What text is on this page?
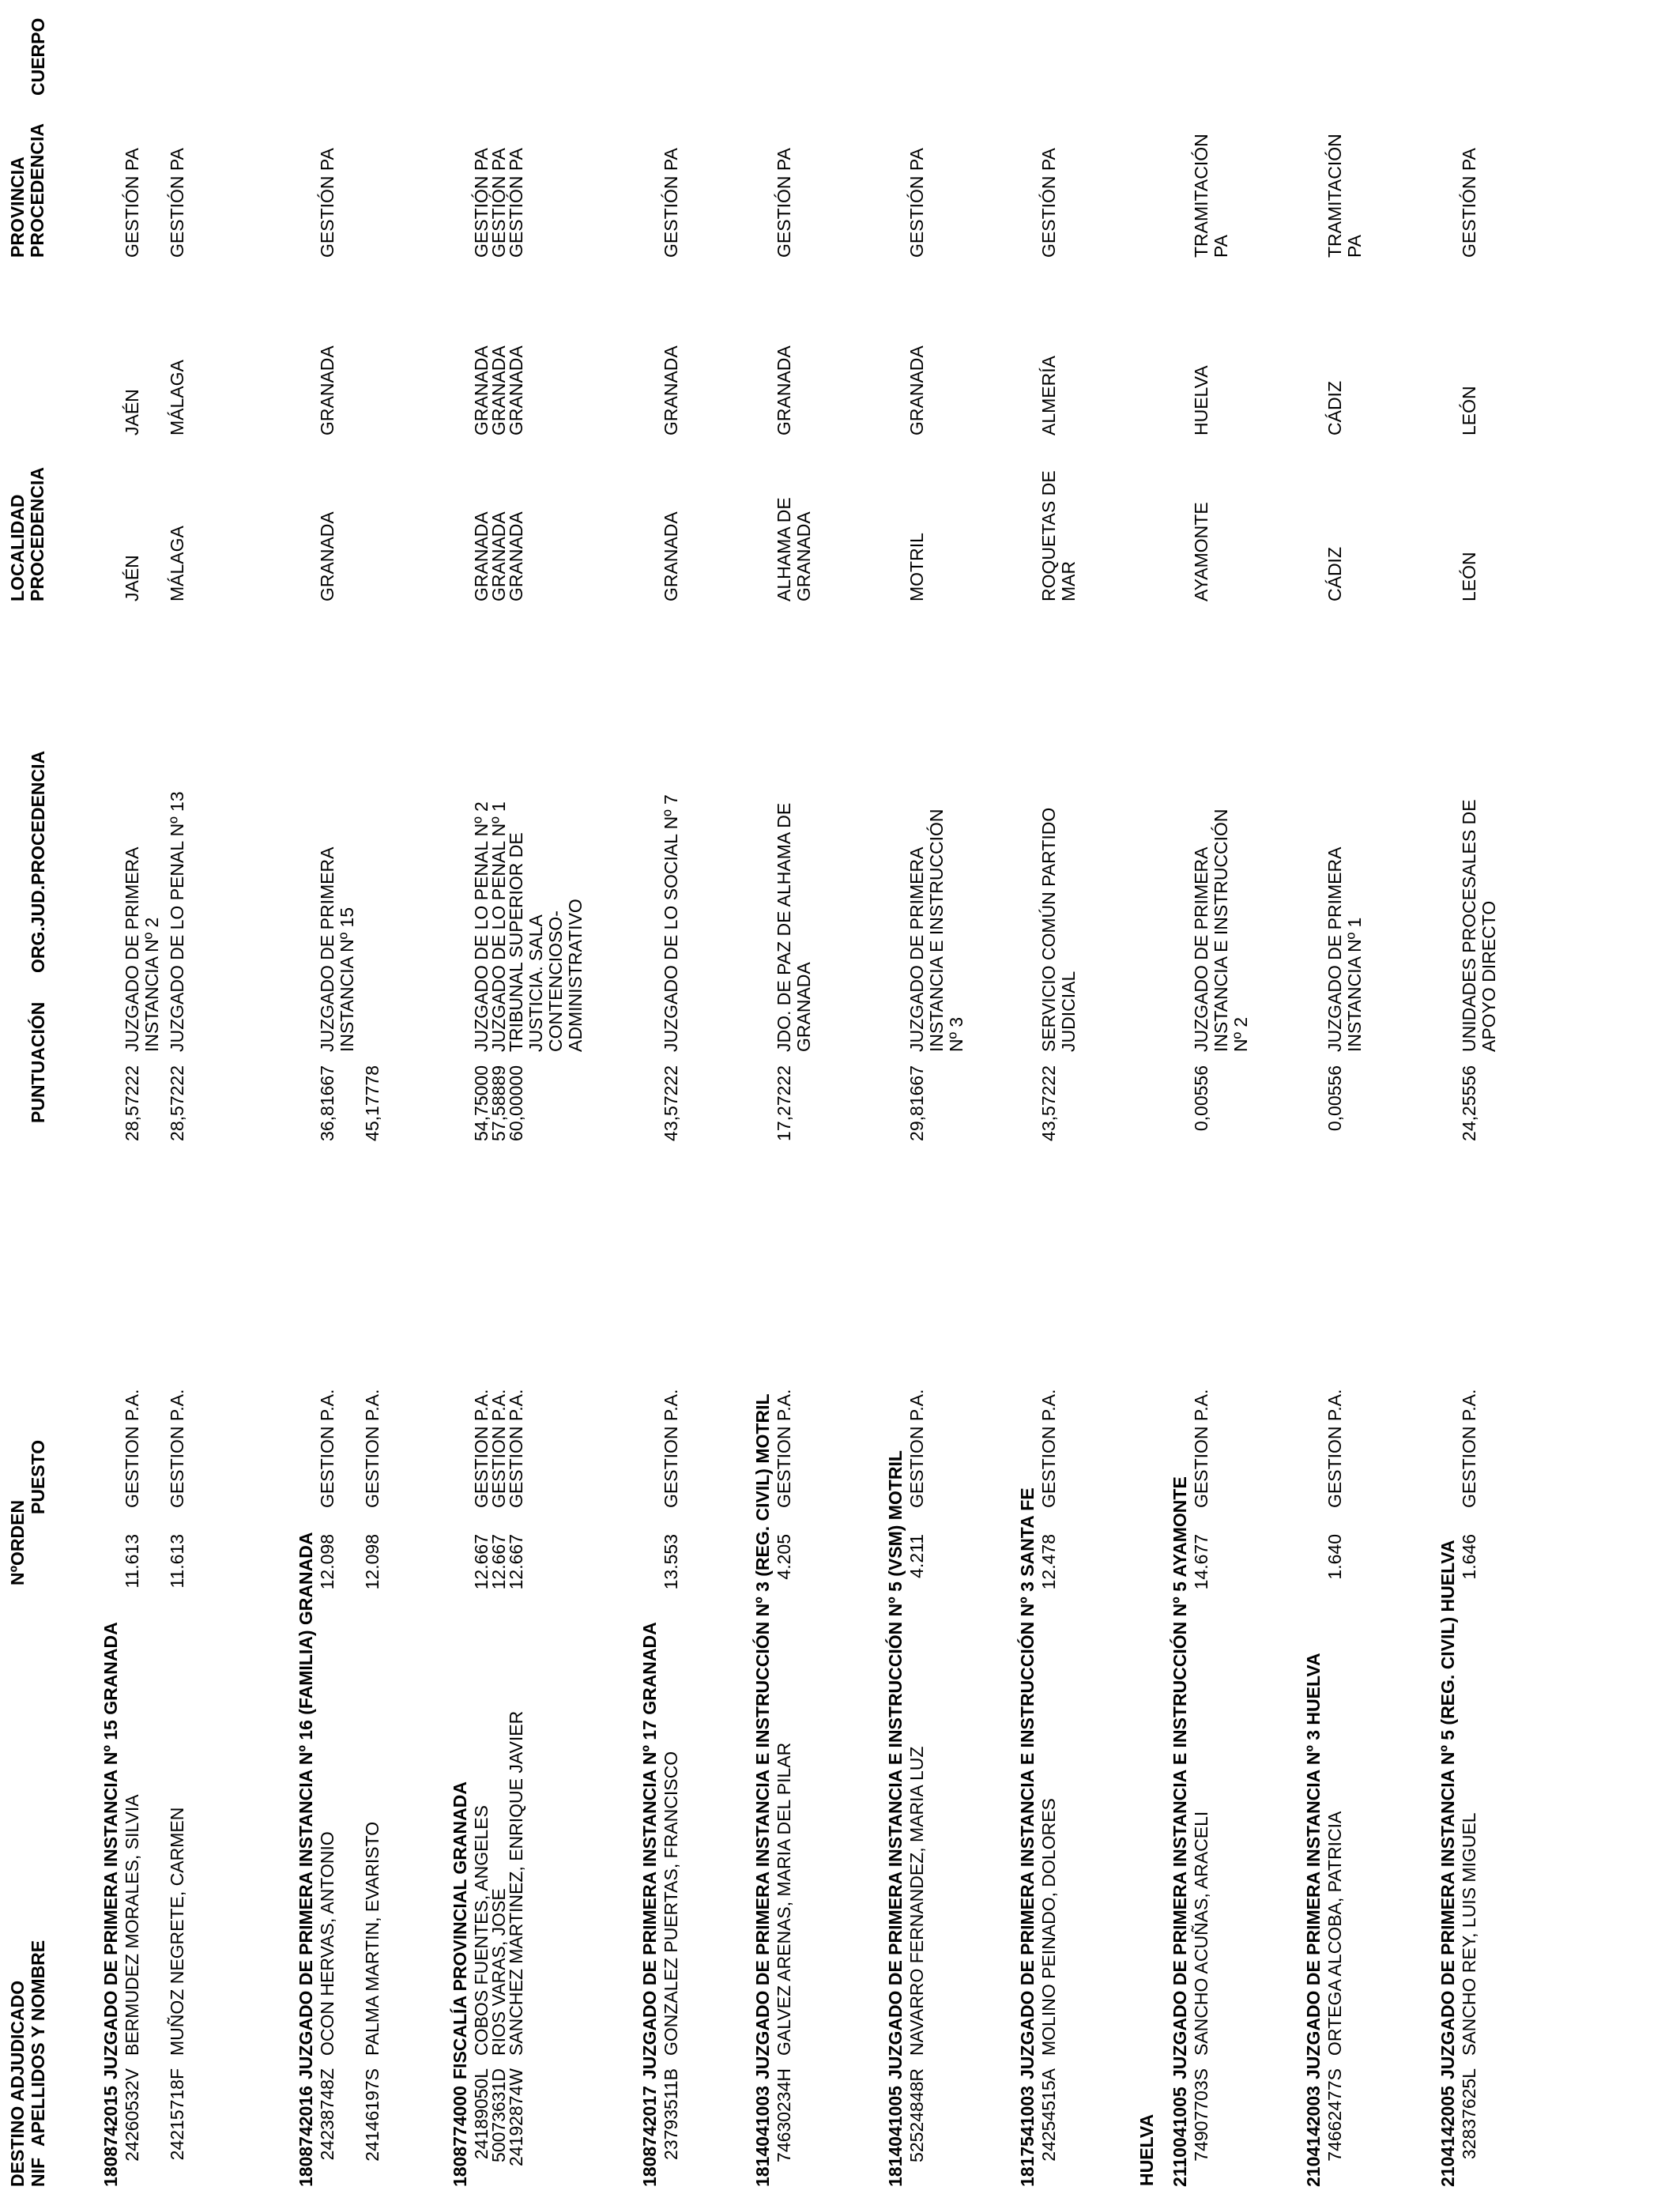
DESTINO ADJUDICADO NIF
NºORDEN
APELLIDOS Y NOMBRE
PUESTO
PUNTUACIÓN
ORG.JUD.PROCEDENCIA
LOCALIDAD PROCEDENCIA
PROVINCIA PROCEDENCIA
CUERPO
1808742015
JUZGADO DE PRIMERA INSTANCIA Nº 15 GRANADA
24260532V
BERMUDEZ MORALES, SILVIA
11.613
GESTION P.A.
28,57222
JUZGADO DE PRIMERA INSTANCIA Nº 2
JAÉN
JAÉN
GESTIÓN PA
24215718F
MUÑOZ NEGRETE, CARMEN
11.613
GESTION P.A.
28,57222
JUZGADO DE LO PENAL Nº 13
MÁLAGA
MÁLAGA
GESTIÓN PA
1808742016
JUZGADO DE PRIMERA INSTANCIA Nº 16 (FAMILIA) GRANADA
24238748Z
OCON HERVAS, ANTONIO
12.098
GESTION P.A.
36,81667
JUZGADO DE PRIMERA INSTANCIA Nº 15
GRANADA
GRANADA
GESTIÓN PA
24146197S
PALMA MARTIN, EVARISTO
12.098
GESTION P.A.
45,17778
1808774000
FISCALÍA PROVINCIAL GRANADA
24189050L
COBOS FUENTES, ANGELES
12.667
GESTION P.A.
54,75000
JUZGADO DE LO PENAL Nº 2
GRANADA
GRANADA
GESTIÓN PA
50073631D
RIOS VARAS, JOSE
12.667
GESTION P.A.
57,58889
JUZGADO DE LO PENAL Nº 1
GRANADA
GRANADA
GESTIÓN PA
24192874W
SANCHEZ MARTINEZ, ENRIQUE JAVIER
12.667
GESTION P.A.
60,00000
TRIBUNAL SUPERIOR DE JUSTICIA. SALA CONTENCIOSO-ADMINISTRATIVO
GRANADA
GRANADA
GESTIÓN PA
1808742017
JUZGADO DE PRIMERA INSTANCIA Nº 17 GRANADA
23793511B
GONZALEZ PUERTAS, FRANCISCO
13.553
GESTION P.A.
43,57222
JUZGADO DE LO SOCIAL Nº 7
GRANADA
GRANADA
GESTIÓN PA
1814041003
JUZGADO DE PRIMERA INSTANCIA E INSTRUCCIÓN Nº 3 (REG. CIVIL) MOTRIL
74630234H
GALVEZ ARENAS, MARIA DEL PILAR
4.205
GESTION P.A.
17,27222
JDO. DE PAZ DE ALHAMA DE GRANADA
ALHAMA DE GRANADA
GRANADA
GESTIÓN PA
1814041005
JUZGADO DE PRIMERA INSTANCIA E INSTRUCCIÓN Nº 5 (VSM) MOTRIL
52524848R
NAVARRO FERNANDEZ, MARIA LUZ
4.211
GESTION P.A.
29,81667
JUZGADO DE PRIMERA INSTANCIA E INSTRUCCIÓN Nº 3
MOTRIL
GRANADA
GESTIÓN PA
1817541003
JUZGADO DE PRIMERA INSTANCIA E INSTRUCCIÓN Nº 3 SANTA FE
24254515A
MOLINO PEINADO, DOLORES
12.478
GESTION P.A.
43,57222
SERVICIO COMÚN PARTIDO JUDICIAL
ROQUETAS DE MAR
ALMERÍA
GESTIÓN PA
HUELVA 2110041005
JUZGADO DE PRIMERA INSTANCIA E INSTRUCCIÓN Nº 5 AYAMONTE
74907703S
SANCHO ACUÑAS, ARACELI
14.677
GESTION P.A.
0,00556
JUZGADO DE PRIMERA INSTANCIA E INSTRUCCIÓN Nº 2
AYAMONTE
HUELVA
TRAMITACIÓN PA
2104142003
JUZGADO DE PRIMERA INSTANCIA Nº 3 HUELVA
74662477S
ORTEGA ALCOBA, PATRICIA
1.640
GESTION P.A.
0,00556
JUZGADO DE PRIMERA INSTANCIA Nº 1
CÁDIZ
CÁDIZ
TRAMITACIÓN PA
2104142005
JUZGADO DE PRIMERA INSTANCIA Nº 5 (REG. CIVIL) HUELVA
32837625L
SANCHO REY, LUIS MIGUEL
1.646
GESTION P.A.
24,25556
UNIDADES PROCESALES DE APOYO DIRECTO
LEÓN
LEÓN
GESTIÓN PA
